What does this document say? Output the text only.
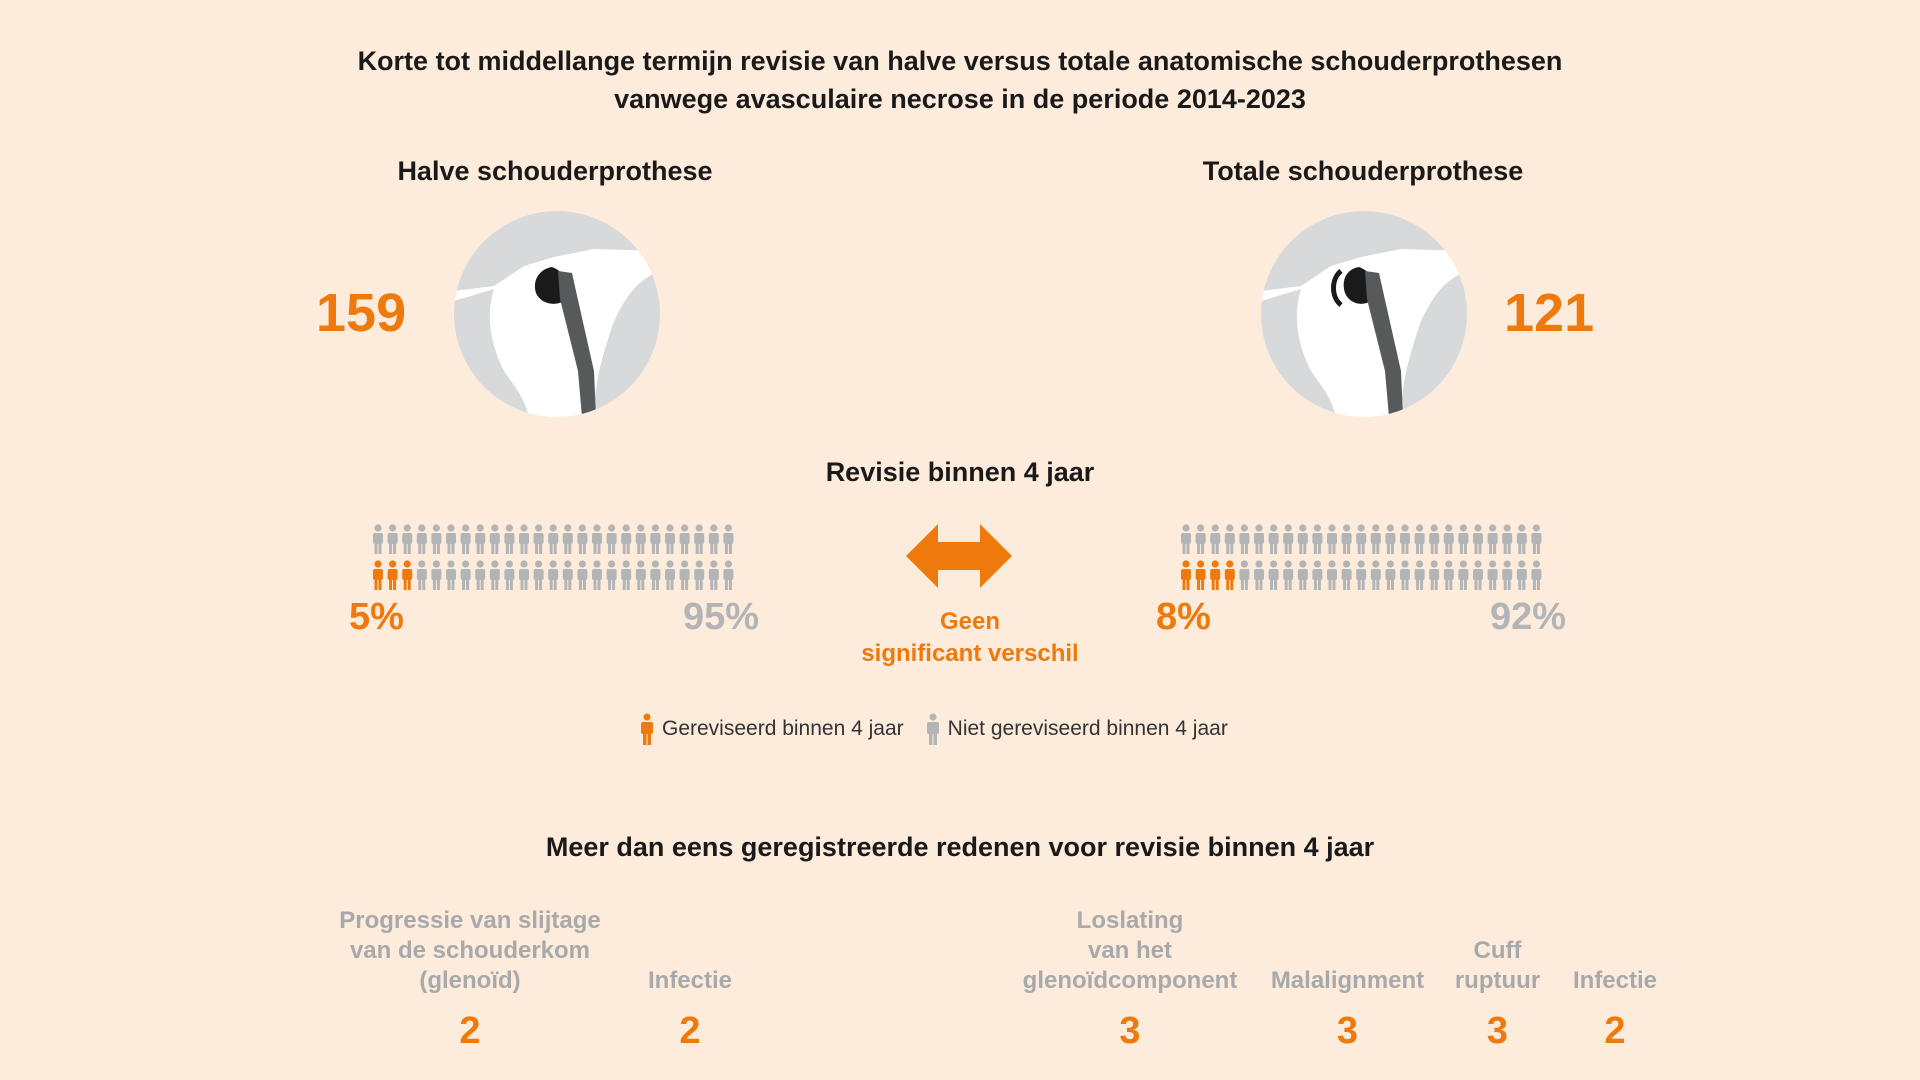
Korte tot middellange termijn revisie van halve versus totale anatomische schouderprothesen
vanwege avasculaire necrose in de periode 2014-2023
Halve schouderprothese	Totale schouderprothese
159	121
Revisie binnen 4 jaar
5%	95%	8%	92%
Geen
significant verschil
Gereviseerd binnen 4 jaar Niet gereviseerd binnen 4 jaar
Meer dan eens geregistreerde redenen voor revisie binnen 4 jaar
Progressie van slijtage
van de schouderkom
(glenoïd)
2
Infectie
2
Loslating
van het
glenoïdcomponent
3
Malalignment
3
Cuff
ruptuur
3
Infectie
2
